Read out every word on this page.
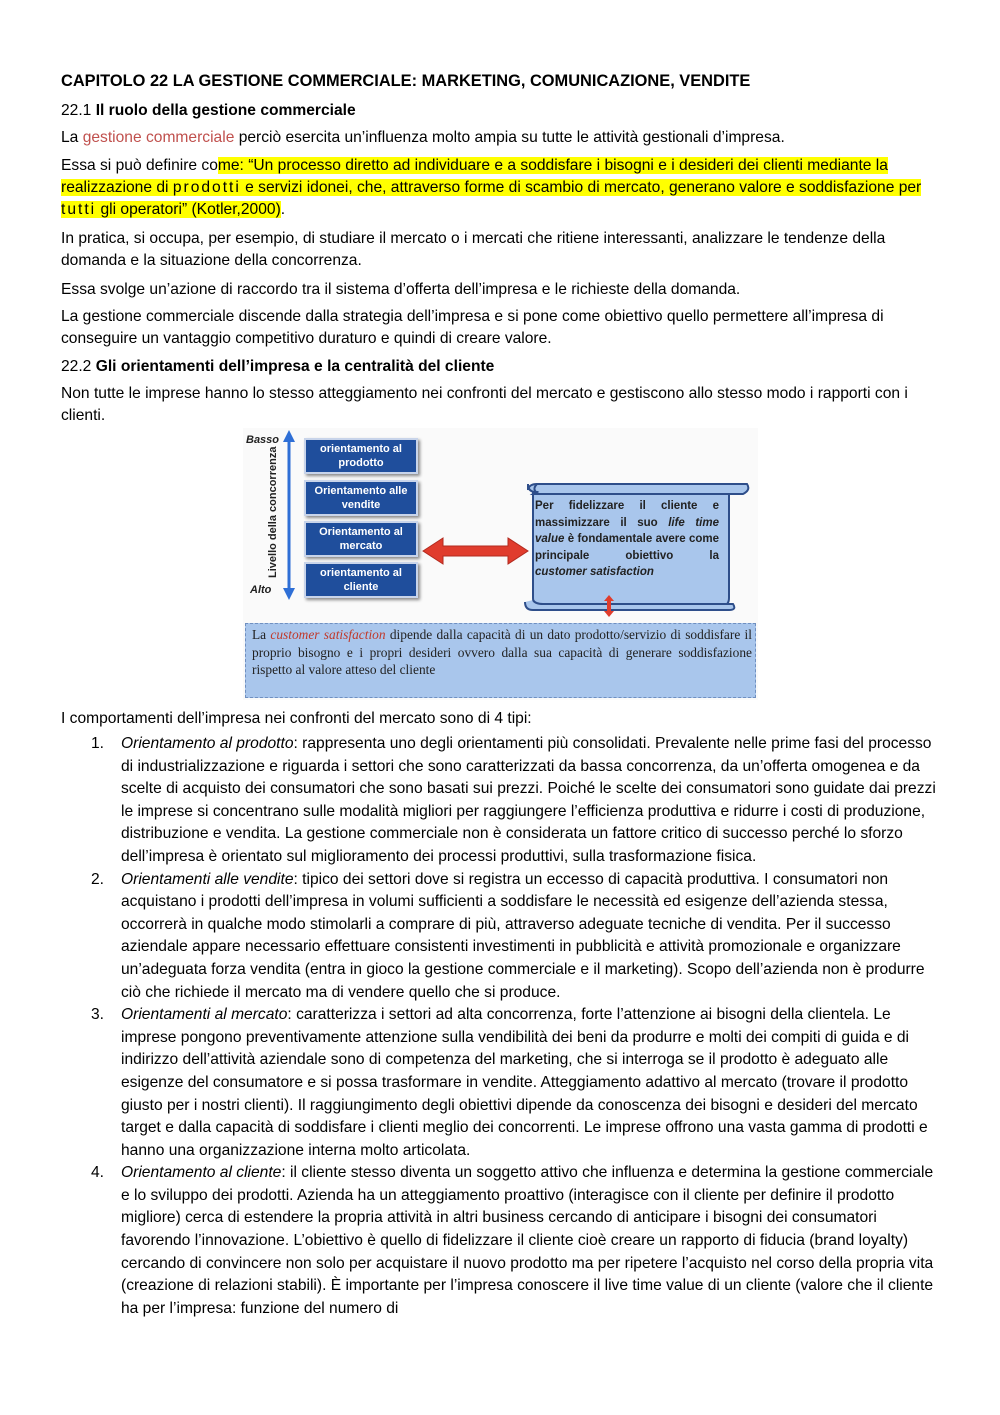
CAPITOLO 22 LA GESTIONE COMMERCIALE: MARKETING, COMUNICAZIONE, VENDITE
22.1 Il ruolo della gestione commerciale
La gestione commerciale perciò esercita un’influenza molto ampia su tutte le attività gestionali d’impresa.
Essa si può definire come: “Un processo diretto ad individuare e a soddisfare i bisogni e i desideri dei clienti mediante la realizzazione di prodotti e servizi idonei, che, attraverso forme di scambio di mercato, generano valore e soddisfazione per tutti gli operatori” (Kotler,2000).
In pratica, si occupa, per esempio, di studiare il mercato o i mercati che ritiene interessanti, analizzare le tendenze della domanda e la situazione della concorrenza.
Essa svolge un’azione di raccordo tra il sistema d’offerta dell’impresa e le richieste della domanda.
La gestione commerciale discende dalla strategia dell’impresa e si pone come obiettivo quello permettere all’impresa di conseguire un vantaggio competitivo duraturo e quindi di creare valore.
22.2 Gli orientamenti dell’impresa e la centralità del cliente
Non tutte le imprese hanno lo stesso atteggiamento nei confronti del mercato e gestiscono allo stesso modo i rapporti con i clienti.
Basso
Alto
Livello della concorrenza	orientamento al prodotto
Orientamento alle vendite
Orientamento al mercato
orientamento al cliente
Per fidelizzare il cliente e massimizzare il suo life time value è fondamentale avere come principale obiettivo la
customer satisfaction
La customer satisfaction dipende dalla capacità di un dato prodotto/servizio di soddisfare il proprio bisogno e i propri desideri ovvero dalla sua capacità di generare soddisfazione rispetto al valore atteso del cliente
I comportamenti dell’impresa nei confronti del mercato sono di 4 tipi:
1. Orientamento al prodotto: rappresenta uno degli orientamenti più consolidati. Prevalente nelle prime fasi del processo di industrializzazione e riguarda i settori che sono caratterizzati da bassa concorrenza, da un’offerta omogenea e da scelte di acquisto dei consumatori che sono basati sui prezzi. Poiché le scelte dei consumatori sono guidate dai prezzi le imprese si concentrano sulle modalità migliori per raggiungere l’efficienza produttiva e ridurre i costi di produzione, distribuzione e vendita. La gestione commerciale non è considerata un fattore critico di successo perché lo sforzo dell’impresa è orientato sul miglioramento dei processi produttivi, sulla trasformazione fisica.
2. Orientamenti alle vendite: tipico dei settori dove si registra un eccesso di capacità produttiva. I consumatori non acquistano i prodotti dell’impresa in volumi sufficienti a soddisfare le necessità ed esigenze dell’azienda stessa, occorrerà in qualche modo stimolarli a comprare di più, attraverso adeguate tecniche di vendita. Per il successo aziendale appare necessario effettuare consistenti investimenti in pubblicità e attività promozionale e organizzare un’adeguata forza vendita (entra in gioco la gestione commerciale e il marketing). Scopo dell’azienda non è produrre ciò che richiede il mercato ma di vendere quello che si produce.
3. Orientamenti al mercato: caratterizza i settori ad alta concorrenza, forte l’attenzione ai bisogni della clientela. Le imprese pongono preventivamente attenzione sulla vendibilità dei beni da produrre e molti dei compiti di guida e di indirizzo dell’attività aziendale sono di competenza del marketing, che si interroga se il prodotto è adeguato alle esigenze del consumatore e si possa trasformare in vendite. Atteggiamento adattivo al mercato (trovare il prodotto giusto per i nostri clienti). Il raggiungimento degli obiettivi dipende da conoscenza dei bisogni e desideri del mercato target e dalla capacità di soddisfare i clienti meglio dei concorrenti. Le imprese offrono una vasta gamma di prodotti e hanno una organizzazione interna molto articolata.
4. Orientamento al cliente: il cliente stesso diventa un soggetto attivo che influenza e determina la gestione commerciale e lo sviluppo dei prodotti. Azienda ha un atteggiamento proattivo (interagisce con il cliente per definire il prodotto migliore) cerca di estendere la propria attività in altri business cercando di anticipare i bisogni dei consumatori favorendo l’innovazione. L’obiettivo è quello di fidelizzare il cliente cioè creare un rapporto di fiducia (brand loyalty) cercando di convincere non solo per acquistare il nuovo prodotto ma per ripetere l’acquisto nel corso della propria vita (creazione di relazioni stabili). È importante per l’impresa conoscere il live time value di un cliente (valore che il cliente ha per l’impresa: funzione del numero di
